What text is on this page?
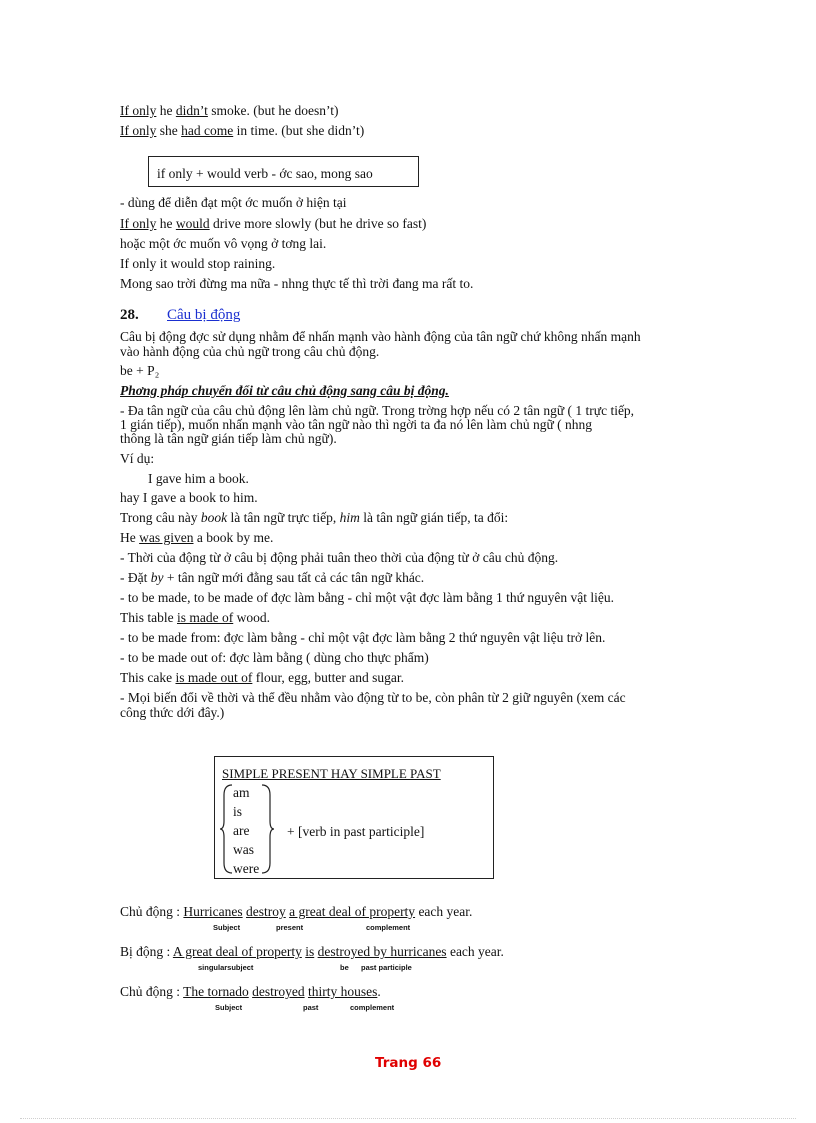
If only he didn’t smoke. (but he doesn’t)
If only she had come in time. (but she didn’t)
if only + would verb - ớc sao, mong sao
- dùng để diễn đạt một ớc muốn ở hiện tại
If only he would drive more slowly (but he drive so fast)
hoặc một ớc muốn vô vọng ở tơng lai.
If only it would stop raining.
Mong sao trời đừng ma nữa - nhng thực tế thì trời đang ma rất to.
28. Câu bị động
Câu bị động đợc sử dụng nhằm để nhấn mạnh vào hành động của tân ngữ chứ không nhấn mạnh
vào hành động của chủ ngữ trong câu chủ động.
be + P₂
Phơng pháp chuyển đổi từ câu chủ động sang câu bị động.
- Đa tân ngữ của câu chủ động lên làm chủ ngữ. Trong trờng hợp nếu có 2 tân ngữ ( 1 trực tiếp,
1 gián tiếp), muốn nhấn mạnh vào tân ngữ nào thì ngời ta đa nó lên làm chủ ngữ ( nhng
thông là tân ngữ gián tiếp làm chủ ngữ).
Ví dụ:
I gave him a book.
hay I gave a book to him.
Trong câu này book là tân ngữ trực tiếp, him là tân ngữ gián tiếp, ta đổi:
He was given a book by me.
- Thời của động từ ở câu bị động phải tuân theo thời của động từ ở câu chủ động.
- Đặt by + tân ngữ mới đằng sau tất cả các tân ngữ khác.
- to be made, to be made of đợc làm bằng - chỉ một vật đợc làm bằng 1 thứ nguyên vật liệu.
This table is made of wood.
- to be made from: đợc làm bằng - chỉ một vật đợc làm bằng 2 thứ nguyên vật liệu trở lên.
- to be made out of: đợc làm bằng ( dùng cho thực phẩm)
This cake is made out of flour, egg, butter and sugar.
- Mọi biến đổi về thời và thể đều nhằm vào động từ to be, còn phân từ 2 giữ nguyên (xem các
công thức dới đây.)
SIMPLE PRESENT HAY SIMPLE PAST
am
is
are
was
were
+ [verb in past participle]
Chủ động : Hurricanes destroy a great deal of property each year.
Subject	present	complement
Bị động : A great deal of property is destroyed by hurricanes each year.
singularsubject	be past participle
Chủ động : The tornado destroyed thirty houses.
Subject	past	complement
Trang 66
